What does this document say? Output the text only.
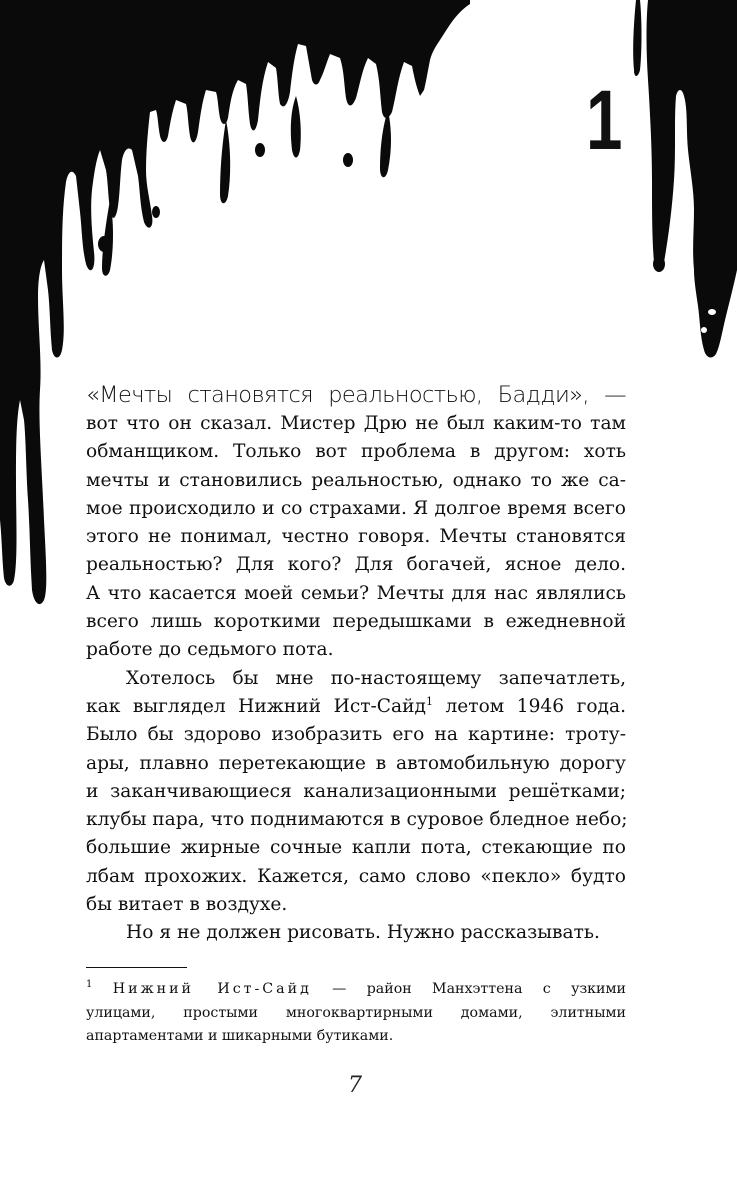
1
«Мечты становятся реальностью, Бадди», —
вот что он сказал. Мистер Дрю не был каким-то там
обманщиком. Только вот проблема в другом: хоть
мечты и становились реальностью, однако то же са-
мое происходило и со страхами. Я долгое время всего
этого не понимал, честно говоря. Мечты становятся
реальностью? Для кого? Для богачей, ясное дело.
А что касается моей семьи? Мечты для нас являлись
всего лишь короткими передышками в ежедневной
работе до седьмого пота.
Хотелось бы мне по-настоящему запечатлеть,
как выглядел Нижний Ист-Сайд$^1$ летом 1946 года.
Было бы здорово изобразить его на картине: троту-
ары, плавно перетекающие в автомобильную дорогу
и заканчивающиеся канализационными решётками;
клубы пара, что поднимаются в суровое бледное небо;
большие жирные сочные капли пота, стекающие по
лбам прохожих. Кажется, само слово «пекло» будто
бы витает в воздухе.
Но я не должен рисовать. Нужно рассказывать.
$^1$ Нижний Ист-Сайд — район Манхэттена с узкими
улицами, простыми многоквартирными домами, элитными
апартаментами и шикарными бутиками.
7
